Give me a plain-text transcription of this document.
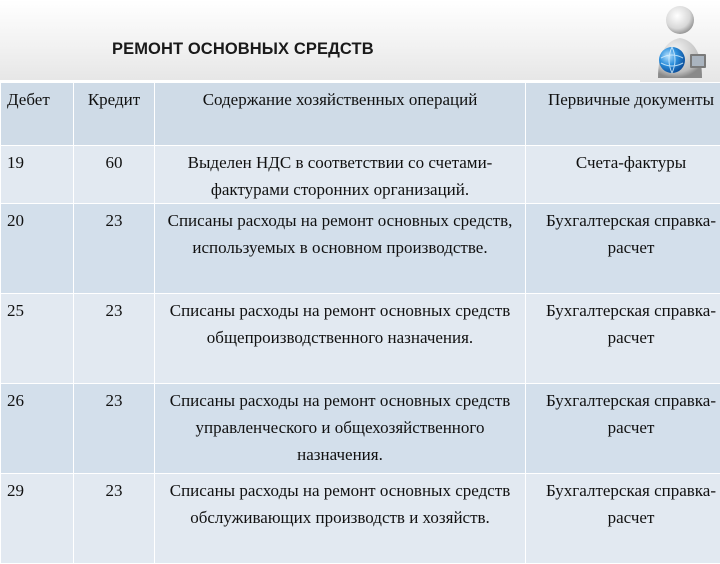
РЕМОНТ ОСНОВНЫХ СРЕДСТВ
Дебет	Кредит	Содержание хозяйственных операций	Первичные документы
19	60	Выделен НДС в соответствии со счетами-фактурами сторонних организаций.	Счета-фактуры
20	23	Списаны расходы на ремонт основных средств, используемых в основном производстве.	Бухгалтерская справка-расчет
25	23	Списаны расходы на ремонт основных средств общепроизводственного назначения.	Бухгалтерская справка-расчет
26	23	Списаны расходы на ремонт основных средств управленческого и общехозяйственного назначения.	Бухгалтерская справка-расчет
29	23	Списаны расходы на ремонт основных средств обслуживающих производств и хозяйств.	Бухгалтерская справка-расчет
